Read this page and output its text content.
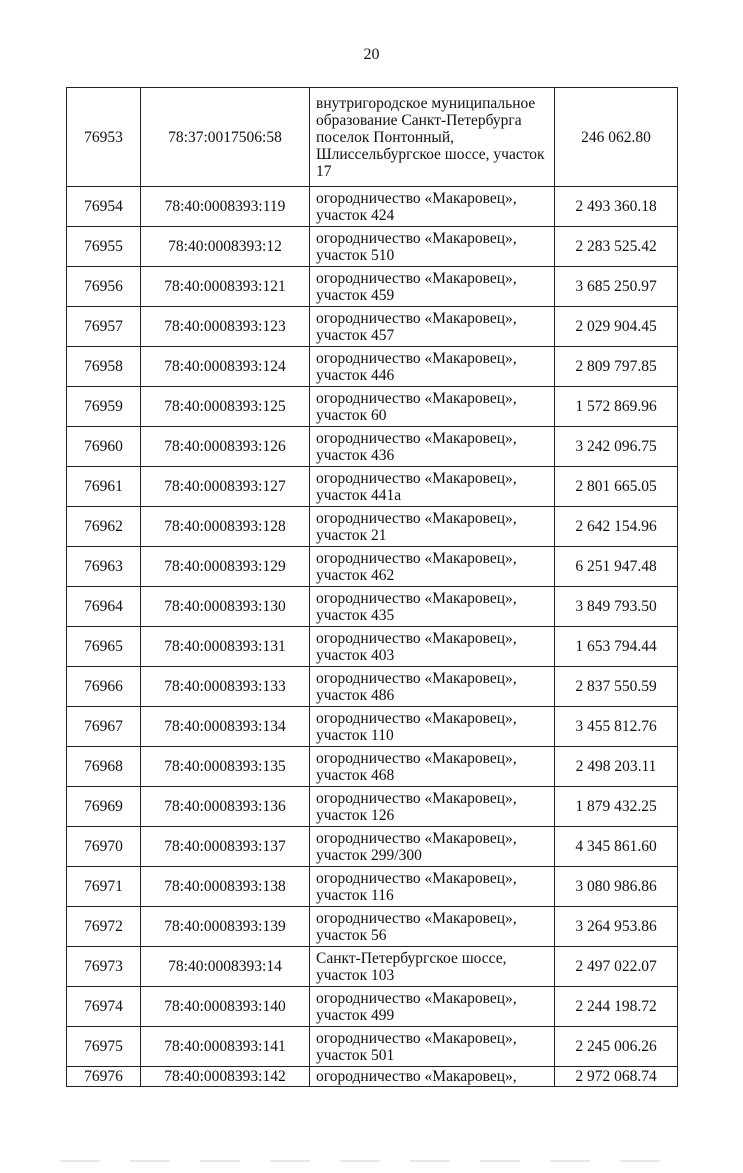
20
76953	78:37:0017506:58	внутригородское муниципальное образование Санкт-Петербурга поселок Понтонный, Шлиссельбургское шоссе, участок 17	246 062.80
76954	78:40:0008393:119	огородничество «Макаровец», участок 424	2 493 360.18
76955	78:40:0008393:12	огородничество «Макаровец», участок 510	2 283 525.42
76956	78:40:0008393:121	огородничество «Макаровец», участок 459	3 685 250.97
76957	78:40:0008393:123	огородничество «Макаровец», участок 457	2 029 904.45
76958	78:40:0008393:124	огородничество «Макаровец», участок 446	2 809 797.85
76959	78:40:0008393:125	огородничество «Макаровец», участок 60	1 572 869.96
76960	78:40:0008393:126	огородничество «Макаровец», участок 436	3 242 096.75
76961	78:40:0008393:127	огородничество «Макаровец», участок 441а	2 801 665.05
76962	78:40:0008393:128	огородничество «Макаровец», участок 21	2 642 154.96
76963	78:40:0008393:129	огородничество «Макаровец», участок 462	6 251 947.48
76964	78:40:0008393:130	огородничество «Макаровец», участок 435	3 849 793.50
76965	78:40:0008393:131	огородничество «Макаровец», участок 403	1 653 794.44
76966	78:40:0008393:133	огородничество «Макаровец», участок 486	2 837 550.59
76967	78:40:0008393:134	огородничество «Макаровец», участок 110	3 455 812.76
76968	78:40:0008393:135	огородничество «Макаровец», участок 468	2 498 203.11
76969	78:40:0008393:136	огородничество «Макаровец», участок 126	1 879 432.25
76970	78:40:0008393:137	огородничество «Макаровец», участок 299/300	4 345 861.60
76971	78:40:0008393:138	огородничество «Макаровец», участок 116	3 080 986.86
76972	78:40:0008393:139	огородничество «Макаровец», участок 56	3 264 953.86
76973	78:40:0008393:14	Санкт-Петербургское шоссе, участок 103	2 497 022.07
76974	78:40:0008393:140	огородничество «Макаровец», участок 499	2 244 198.72
76975	78:40:0008393:141	огородничество «Макаровец», участок 501	2 245 006.26
76976	78:40:0008393:142	огородничество «Макаровец»,	2 972 068.74
